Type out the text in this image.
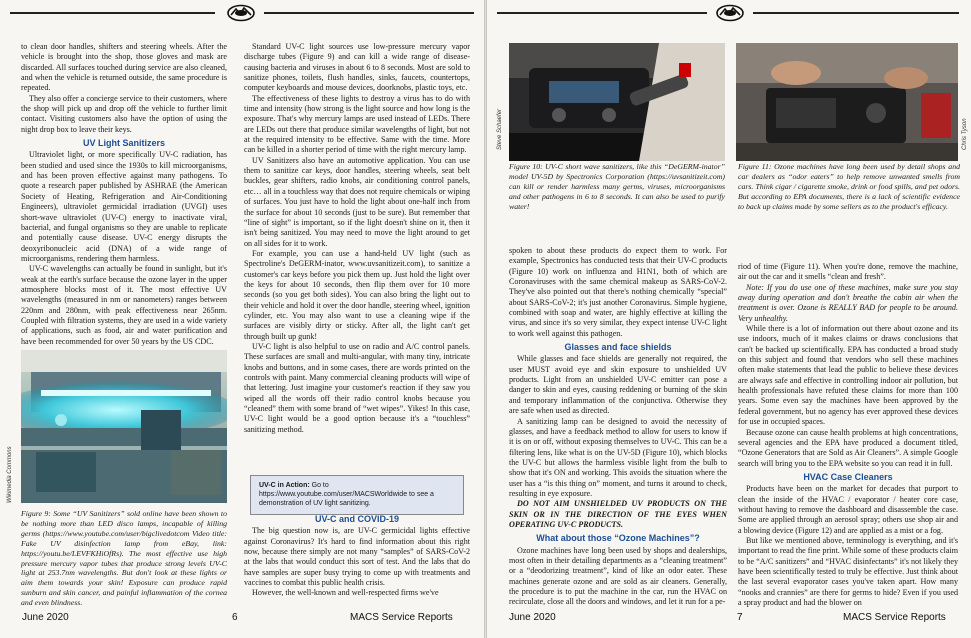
to clean door handles, shifters and steering wheels. After the vehicle is brought into the shop, those gloves and mask are discarded. All surfaces touched during service are also cleaned, and when the vehicle is returned outside, the same procedure is repeated.

They also offer a concierge service to their customers, where the shop will pick up and drop off the vehicle to further limit contact. Visiting customers also have the option of using the night drop box to leave their keys.

UV Light Sanitizers

Ultraviolet light, or more specifically UV-C radiation, has been studied and used since the 1930s to kill microorganisms, and has been proven effective against many pathogens. To quote a research paper published by ASHRAE (the American Society of Heating, Refrigeration and Air-Conditioning Engineers), ultraviolet germicidal irradiation (UVGI) uses short-wave ultraviolet (UV-C) energy to inactivate viral, bacterial, and fungal organisms so they are unable to replicate and potentially cause disease. UV-C energy disrupts the deoxyribonucleic acid (DNA) of a wide range of microorganisms, rendering them harmless.

UV-C wavelengths can actually be found in sunlight, but it's weak at the earth's surface because the ozone layer in the upper atmosphere blocks most of it. The most effective UV wavelengths (measured in nm or nanometers) ranges between 220nm and 280nm, with peak effectiveness near 265nm. Coupled with filtration systems, they are used in a wide variety of applications, such as food, air and water purification and have been recommended for over 50 years by the US CDC.

Wikimedia Commons
Figure 9: Some “UV Sanitizers” sold online have been shown to be nothing more than LED disco lamps, incapable of killing germs (https://www.youtube.com/user/bigclivedotcom Video title: Fake UV disinfection lamp from eBay, link: https://youtu.be/LEVFKHiOfRs). The most effective use high pressure mercury vapor tubes that produce strong levels UV-C light at 253.7nm wavelengths. But don't look at these lights or aim them towards your skin! Exposure can produce rapid sunburn and skin cancer, and painful inflammation of the cornea and even blindness.

Standard UV-C light sources use low-pressure mercury vapor discharge tubes (Figure 9) and can kill a wide range of disease-causing bacteria and viruses in about 6 to 8 seconds. Most are sold to sanitize phones, toilets, flush handles, sinks, faucets, countertops, computer keyboards and mouse devices, doorknobs, plastic toys, etc.

The effectiveness of these lights to destroy a virus has to do with time and intensity (how strong is the light source and how long is the exposure. That's why mercury lamps are used instead of LEDs. There are LEDs out there that produce similar wavelengths of light, but not at the required intensity to be effective. Same with the time. More can be killed in a shorter period of time with the right mercury lamp.

UV Sanitizers also have an automotive application. You can use them to sanitize car keys, door handles, steering wheels, seat belt buckles, gear shifters, radio knobs, air conditioning control panels, etc… all in a touchless way that does not require chemicals or wiping of surfaces. You just have to hold the light about one-half inch from the surface for about 10 seconds (just to be sure). But remember that “line of sight” is important, so if the light doesn't shine on it, then it isn't being sanitized. You may need to move the light around to get on all sides for it to work.

For example, you can use a hand-held UV light (such as Spectroline's DeGERM-inator, www.uvsanitizeit.com), to sanitize a customer's car keys before you pick them up. Just hold the light over the keys for about 10 seconds, then flip them over for 10 more seconds (so you get both sides). You can also bring the light out to their vehicle and hold it over the door handle, steering wheel, ignition cylinder, etc. You may also want to use a cleaning wipe if the surfaces are visibly dirty or sticky. After all, the light can't get through built up gunk!

UV-C light is also helpful to use on radio and A/C control panels. These surfaces are small and multi-angular, with many tiny, intricate knobs and buttons, and in some cases, there are words printed on the controls with paint. Many commercial cleaning products will wipe of that lettering. Just imagine your customer's reaction if they saw you wiped all the words off their radio control knobs because you “cleaned” them with some brand of “wet wipes”. Yikes! In this case, UV-C light would be a good option because it's a “touchless” sanitizing method.

UV-C in Action: Go to https://www.youtube.com/user/MACSWorldwide to see a demonstration of UV light sanitizing.
UV-C and COVID-19

The big question now is, are UV-C germicidal lights effective against Coronavirus? It's hard to find information about this right now, because there simply are not many “samples” of SARS-CoV-2 at the labs that would conduct this sort of test. And the labs that do have samples are super busy trying to come up with treatments and vaccines to combat this public health crisis.

However, the well-known and well-respected firms we've

June 2020	6	MACS Service Reports
Steve Schaefer
Figure 10: UV-C short wave sanitizers, like this “DeGERM-inator” model UV-5D by Spectronics Corporation (https://uvsanitizeit.com) can kill or render harmless many germs, viruses, microorganisms and other pathogens in 6 to 8 seconds. It can also be used to purify water!
Chris Tyson
Figure 11: Ozone machines have long been used by detail shops and car dealers as “odor eaters” to help remove unwanted smells from cars. Think cigar / cigarette smoke, drink or food spills, and pet odors. But according to EPA documents, there is a lack of scientific evidence to back up claims made by some sellers as to the product's efficacy.

spoken to about these products do expect them to work. For example, Spectronics has conducted tests that their UV-C products (Figure 10) work on influenza and H1N1, both of which are Coronaviruses with the same chemical makeup as SARS-CoV-2. They've also pointed out that there's nothing chemically “special” about SARS-CoV-2; it's just another Coronavirus. Simple hygiene, combined with soap and water, are highly effective at killing the virus, and since it's so very similar, they expect intense UV-C light to work well against this pathogen.

Glasses and face shields

While glasses and face shields are generally not required, the user MUST avoid eye and skin exposure to unshielded UV products. Light from an unshielded UV-C emitter can pose a danger to skin and eyes, causing reddening or burning of the skin and temporary inflammation of the conjunctiva. Otherwise they are safe when used as directed.

A sanitizing lamp can be designed to avoid the necessity of glasses, and have a feedback method to allow for users to know if it is on or off, without exposing themselves to UV-C. This can be a filtering lens, like what is on the UV-5D (Figure 10), which blocks the UV-C but allows the harmless visible light from the bulb to show that it's ON and working. This avoids the situation where the user has a “is this thing on” moment, and turns it around to check, resulting in eye exposure.

DO NOT AIM UNSHIELDED UV PRODUCTS ON THE SKIN OR IN THE DIRECTION OF THE EYES WHEN OPERATING UV-C PRODUCTS.

What about those “Ozone Machines”?

Ozone machines have long been used by shops and dealerships, most often in their detailing departments as a “cleaning treatment” or a “deodorizing treatment”, kind of like an odor eater. These machines generate ozone and are sold as air cleaners. Generally, the procedure is to put the machine in the car, run the HVAC on recirculate, close all the doors and windows, and let it run for a pe-

riod of time (Figure 11). When you're done, remove the machine, air out the car and it smells “clean and fresh”.

Note: If you do use one of these machines, make sure you stay away during operation and don't breathe the cabin air when the treatment is over. Ozone is REALLY BAD for people to be around. Very unhealthy.

While there is a lot of information out there about ozone and its use indoors, much of it makes claims or draws conclusions that can't be backed up scientifically. EPA has conducted a broad study on this subject and found that vendors who sell these machines often make statements that lead the public to believe these devices are always safe and effective in controlling indoor air pollution, but health professionals have refuted these claims for more than 100 years. Some even say the machines have been approved by the federal government, but no agency has ever approved these devices for use in occupied spaces.

Because ozone can cause health problems at high concentrations, several agencies and the EPA have produced a document titled, “Ozone Generators that are Sold as Air Cleaners”. A simple Google search will bring you to the EPA website so you can read it in full.

HVAC Case Cleaners

Products have been on the market for decades that purport to clean the inside of the HVAC / evaporator / heater core case, without having to remove the dashboard and disassemble the case. Some are applied through an aerosol spray; others use shop air and a blowing device (Figure 12) and are applied as a mist or a fog.

But like we mentioned above, terminology is everything, and it's important to read the fine print. While some of these products claim to be “A/C sanitizers” and “HVAC disinfectants” it's not likely they have been scientifically tested to truly be effective. Just think about the last several evaporator cases you've taken apart. How many “nooks and crannies” are there for germs to hide? Even if you used a spray product and had the blower on

June 2020	7	MACS Service Reports
